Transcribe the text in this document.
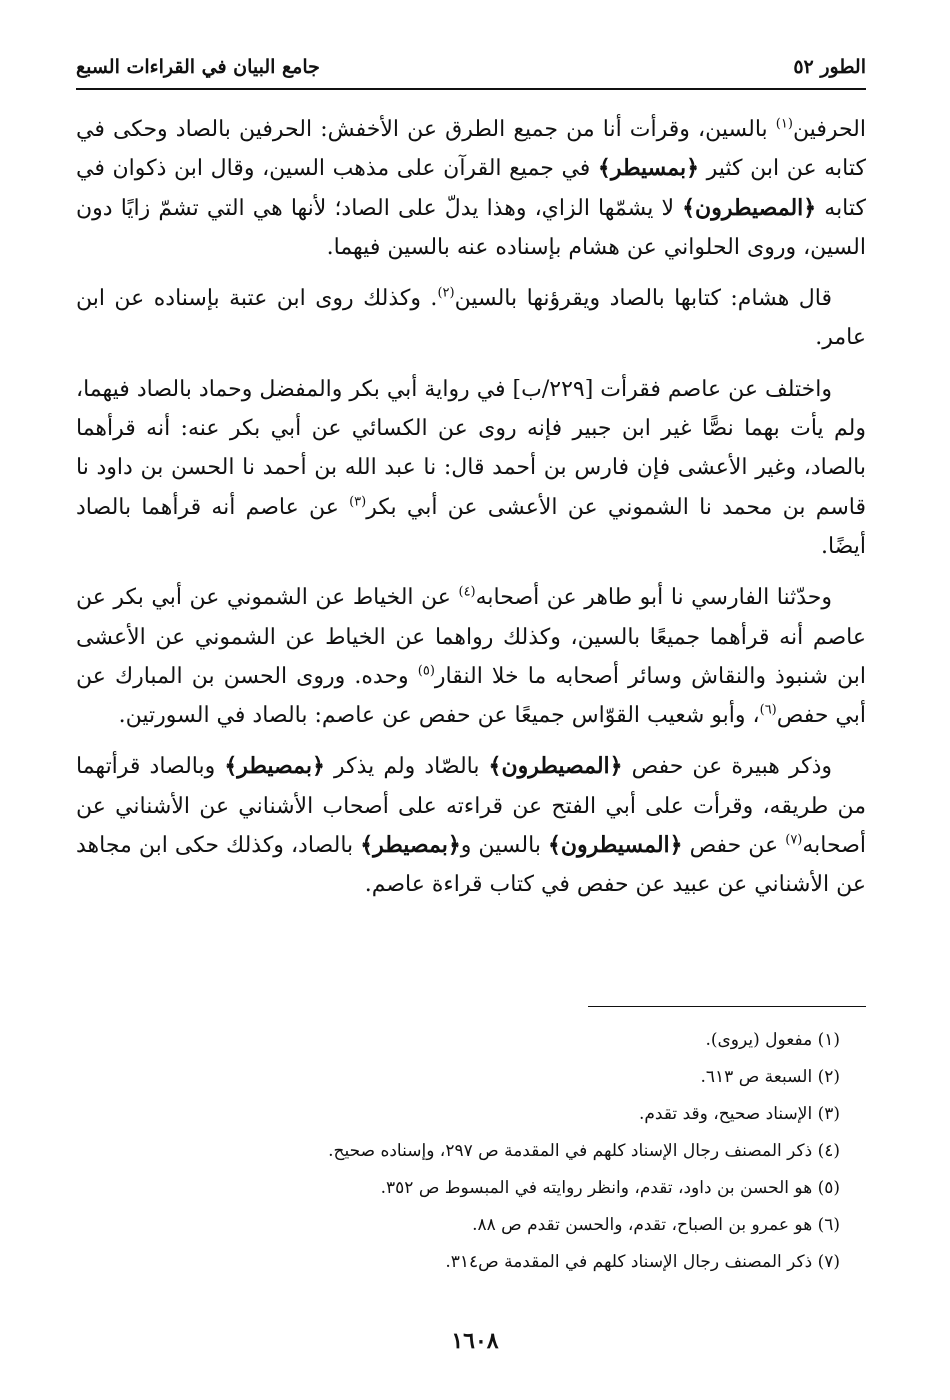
الطور ٥٢
جامع البيان في القراءات السبع

الحرفين$^{(١)}$ بالسين، وقرأت أنا من جميع الطرق عن الأخفش: الحرفين بالصاد وحكى في كتابه عن ابن كثير ﴿بمسيطر﴾ في جميع القرآن على مذهب السين، وقال ابن ذكوان في كتابه ﴿المصيطرون﴾ لا يشمّها الزاي، وهذا يدلّ على الصاد؛ لأنها هي التي تشمّ زايًا دون السين، وروى الحلواني عن هشام بإسناده عنه بالسين فيهما.

قال هشام: كتابها بالصاد ويقرؤنها بالسين$^{(٢)}$. وكذلك روى ابن عتبة بإسناده عن ابن عامر.

واختلف عن عاصم فقرأت [٢٢٩/ب] في رواية أبي بكر والمفضل وحماد بالصاد فيهما، ولم يأت بهما نصًّا غير ابن جبير فإنه روى عن الكسائي عن أبي بكر عنه: أنه قرأهما بالصاد، وغير الأعشى فإن فارس بن أحمد قال: نا عبد الله بن أحمد نا الحسن بن داود نا قاسم بن محمد نا الشموني عن الأعشى عن أبي بكر$^{(٣)}$ عن عاصم أنه قرأهما بالصاد أيضًا.

وحدّثنا الفارسي نا أبو طاهر عن أصحابه$^{(٤)}$ عن الخياط عن الشموني عن أبي بكر عن عاصم أنه قرأهما جميعًا بالسين، وكذلك رواهما عن الخياط عن الشموني عن الأعشى ابن شنبوذ والنقاش وسائر أصحابه ما خلا النقار$^{(٥)}$ وحده. وروى الحسن بن المبارك عن أبي حفص$^{(٦)}$، وأبو شعيب القوّاس جميعًا عن حفص عن عاصم: بالصاد في السورتين.

وذكر هبيرة عن حفص ﴿المصيطرون﴾ بالصّاد ولم يذكر ﴿بمصيطر﴾ وبالصاد قرأتهما من طريقه، وقرأت على أبي الفتح عن قراءته على أصحاب الأشناني عن الأشناني عن أصحابه$^{(٧)}$ عن حفص ﴿المسيطرون﴾ بالسين و﴿بمصيطر﴾ بالصاد، وكذلك حكى ابن مجاهد عن الأشناني عن عبيد عن حفص في كتاب قراءة عاصم.

(١) مفعول (يروى).
(٢) السبعة ص ٦١٣.
(٣) الإسناد صحيح، وقد تقدم.
(٤) ذكر المصنف رجال الإسناد كلهم في المقدمة ص ٢٩٧، وإسناده صحيح.
(٥) هو الحسن بن داود، تقدم، وانظر روايته في المبسوط ص ٣٥٢.
(٦) هو عمرو بن الصباح، تقدم، والحسن تقدم ص ٨٨.
(٧) ذكر المصنف رجال الإسناد كلهم في المقدمة ص٣١٤.
١٦٠٨
